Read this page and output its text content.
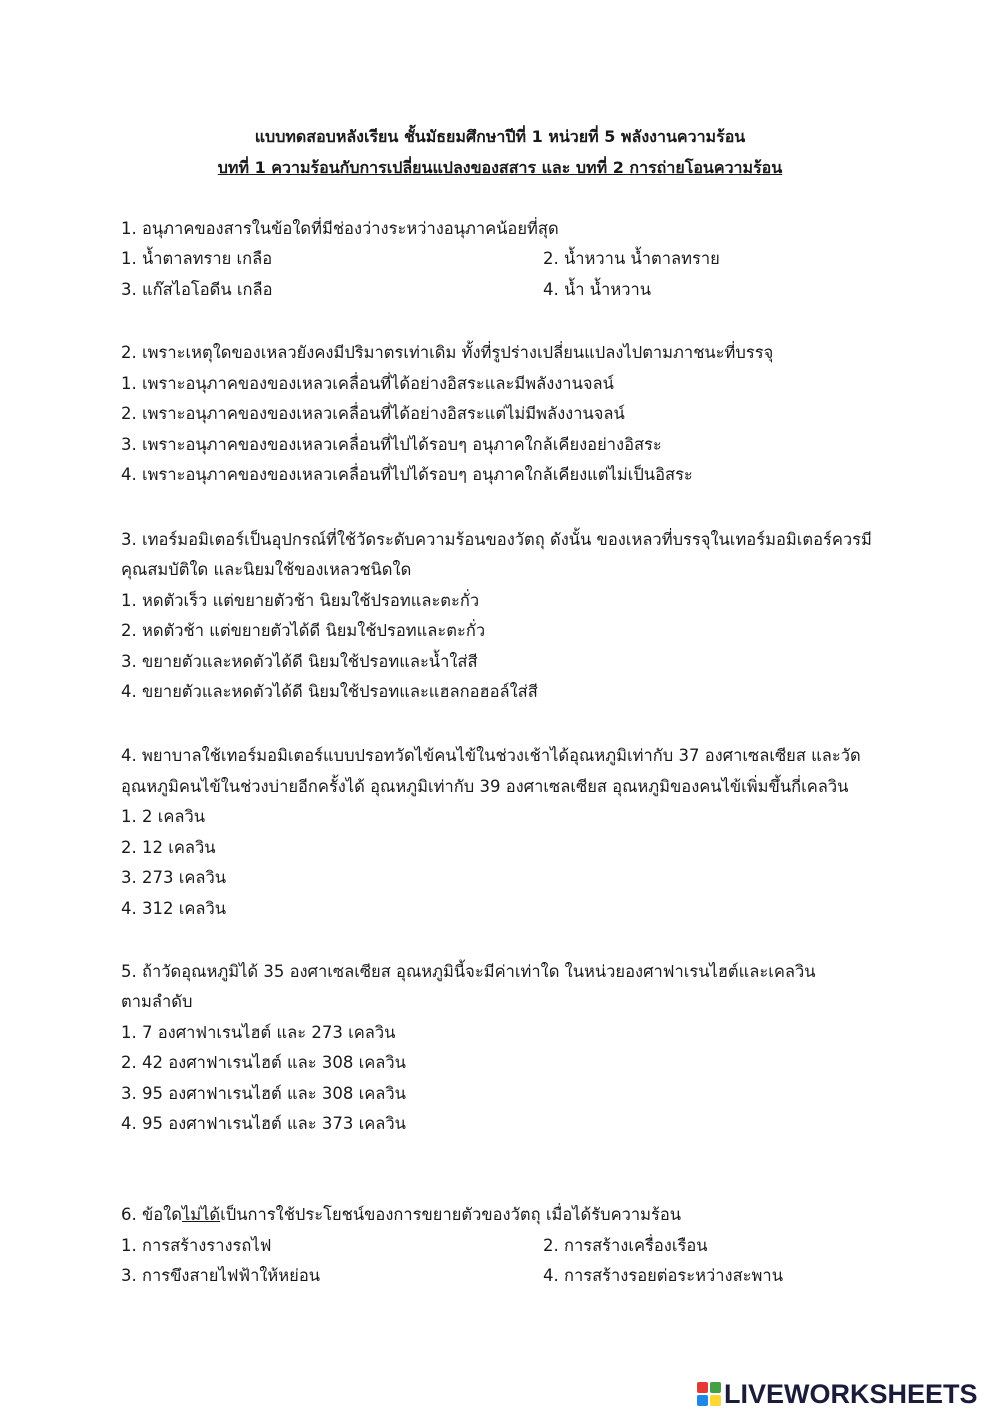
แบบทดสอบหลังเรียน ชั้นมัธยมศึกษาปีที่ 1 หน่วยที่ 5 พลังงานความร้อน
บทที่ 1 ความร้อนกับการเปลี่ยนแปลงของสสาร และ บทที่ 2 การถ่ายโอนความร้อน
1. อนุภาคของสารในข้อใดที่มีช่องว่างระหว่างอนุภาคน้อยที่สุด
1. น้ำตาลทราย เกลือ	2. น้ำหวาน น้ำตาลทราย
3. แก๊สไอโอดีน เกลือ	4. น้ำ น้ำหวาน
2. เพราะเหตุใดของเหลวยังคงมีปริมาตรเท่าเดิม ทั้งที่รูปร่างเปลี่ยนแปลงไปตามภาชนะที่บรรจุ
1. เพราะอนุภาคของของเหลวเคลื่อนที่ได้อย่างอิสระและมีพลังงานจลน์
2. เพราะอนุภาคของของเหลวเคลื่อนที่ได้อย่างอิสระแต่ไม่มีพลังงานจลน์
3. เพราะอนุภาคของของเหลวเคลื่อนที่ไปได้รอบๆ อนุภาคใกล้เคียงอย่างอิสระ
4. เพราะอนุภาคของของเหลวเคลื่อนที่ไปได้รอบๆ อนุภาคใกล้เคียงแต่ไม่เป็นอิสระ
3. เทอร์มอมิเตอร์เป็นอุปกรณ์ที่ใช้วัดระดับความร้อนของวัตถุ ดังนั้น ของเหลวที่บรรจุในเทอร์มอมิเตอร์ควรมี
คุณสมบัติใด และนิยมใช้ของเหลวชนิดใด
1. หดตัวเร็ว แต่ขยายตัวช้า นิยมใช้ปรอทและตะกั่ว
2. หดตัวช้า แต่ขยายตัวได้ดี นิยมใช้ปรอทและตะกั่ว
3. ขยายตัวและหดตัวได้ดี นิยมใช้ปรอทและน้ำใส่สี
4. ขยายตัวและหดตัวได้ดี นิยมใช้ปรอทและแฮลกอฮอล์ใส่สี
4. พยาบาลใช้เทอร์มอมิเตอร์แบบปรอทวัดไข้คนไข้ในช่วงเช้าได้อุณหภูมิเท่ากับ 37 องศาเซลเซียส และวัด
อุณหภูมิคนไข้ในช่วงบ่ายอีกครั้งได้ อุณหภูมิเท่ากับ 39 องศาเซลเซียส อุณหภูมิของคนไข้เพิ่มขึ้นกี่เคลวิน
1. 2 เคลวิน
2. 12 เคลวิน
3. 273 เคลวิน
4. 312 เคลวิน
5. ถ้าวัดอุณหภูมิได้ 35 องศาเซลเซียส อุณหภูมินี้จะมีค่าเท่าใด ในหน่วยองศาฟาเรนไฮต์และเคลวิน
ตามลำดับ
1. 7 องศาฟาเรนไฮต์ และ 273 เคลวิน
2. 42 องศาฟาเรนไฮต์ และ 308 เคลวิน
3. 95 องศาฟาเรนไฮต์ และ 308 เคลวิน
4. 95 องศาฟาเรนไฮต์ และ 373 เคลวิน
6. ข้อใดไม่ได้เป็นการใช้ประโยชน์ของการขยายตัวของวัตถุ เมื่อได้รับความร้อน
1. การสร้างรางรถไฟ	2. การสร้างเครื่องเรือน
3. การขึงสายไฟฟ้าให้หย่อน	4. การสร้างรอยต่อระหว่างสะพาน
LIVEWORKSHEETS
